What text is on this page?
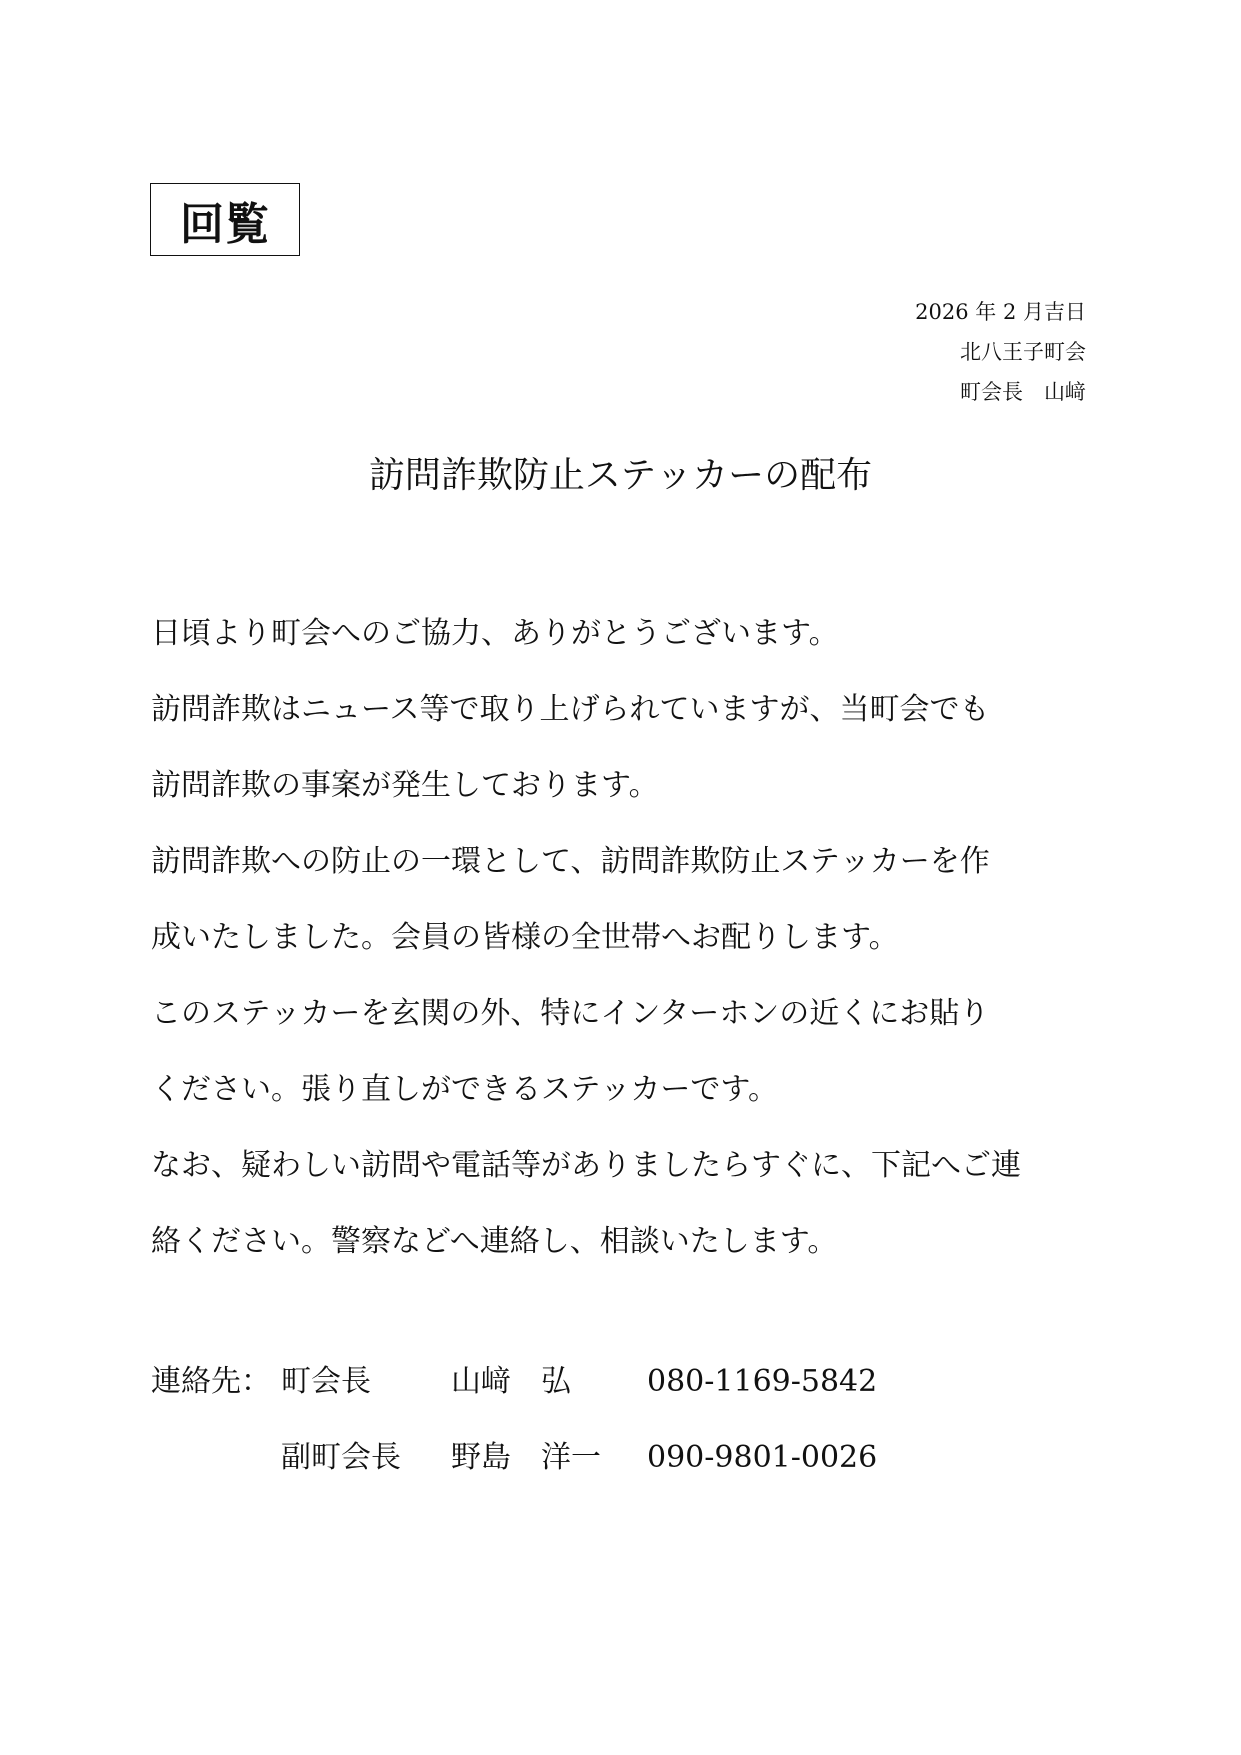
回覧
2026 年 2 月吉日
北八王子町会
町会長　山﨑
訪問詐欺防止ステッカーの配布
日頃より町会へのご協力、ありがとうございます。
訪問詐欺はニュース等で取り上げられていますが、当町会でも
訪問詐欺の事案が発生しております。
訪問詐欺への防止の一環として、訪問詐欺防止ステッカーを作
成いたしました。会員の皆様の全世帯へお配りします。
このステッカーを玄関の外、特にインターホンの近くにお貼り
ください。張り直しができるステッカーです。
なお、疑わしい訪問や電話等がありましたらすぐに、下記へご連
絡ください。警察などへ連絡し、相談いたします。
連絡先： 町会長	山﨑　弘	080-1169-5842
副町会長	野島　洋一	090-9801-0026
